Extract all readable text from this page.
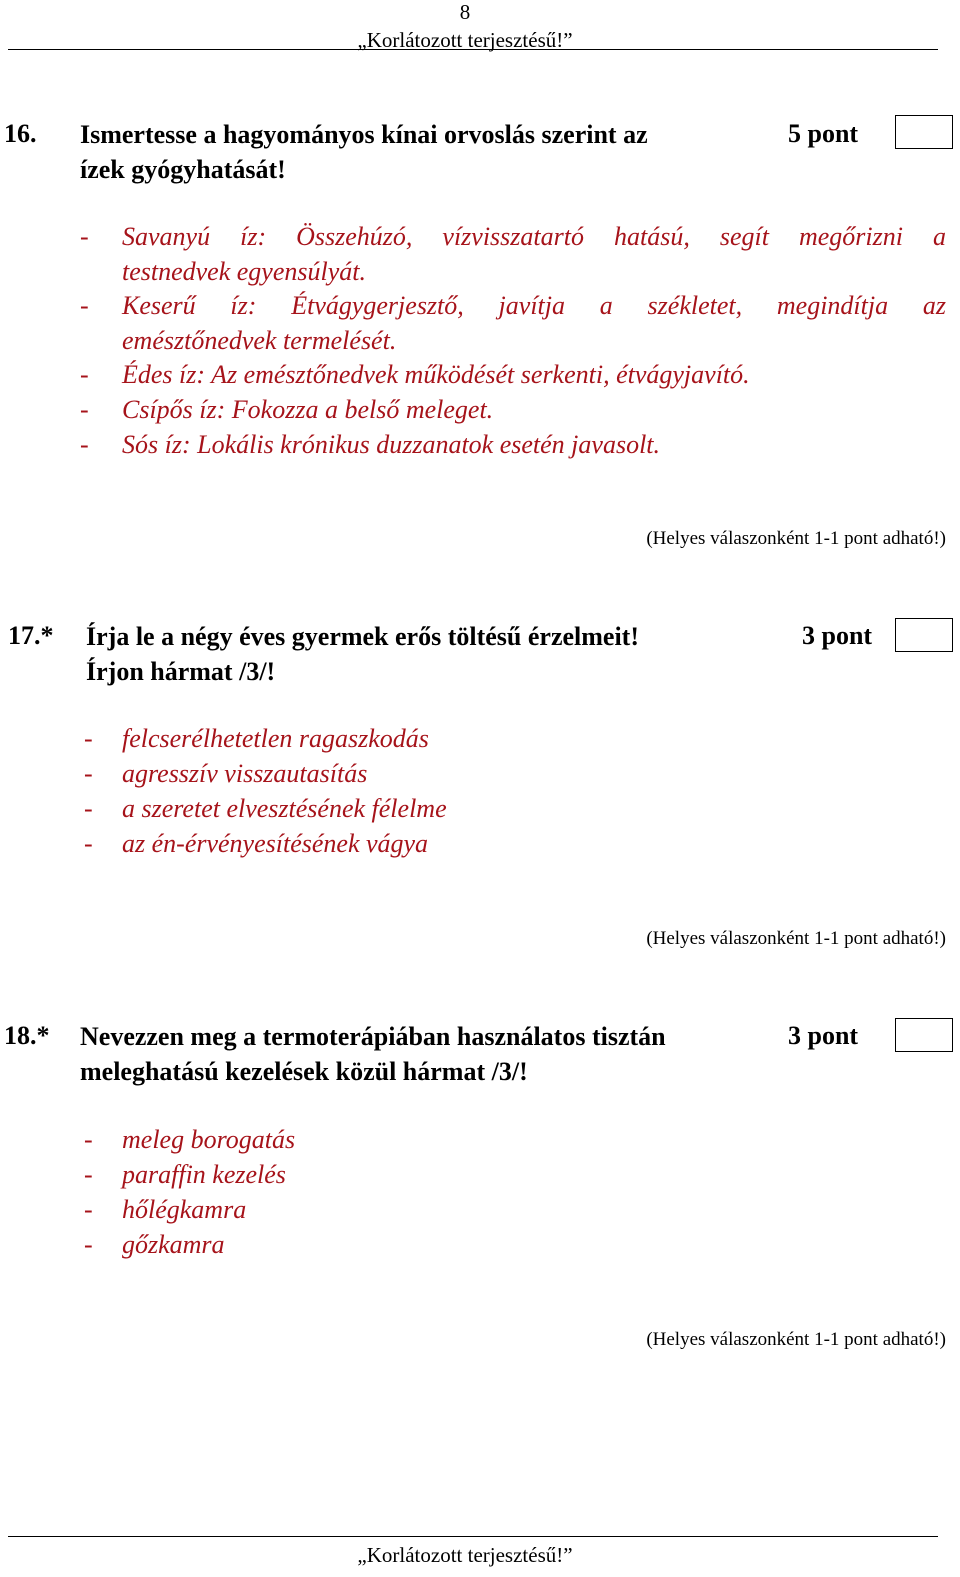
8
„Korlátozott terjesztésű!”
16. Ismertesse a hagyományos kínai orvoslás szerint az
ízek gyógyhatását!
5 pont
- Savanyú íz: Összehúzó, vízvisszatartó hatású, segít megőrizni a
testnedvek egyensúlyát.
- Keserű íz: Étvágygerjesztő, javítja a székletet, megindítja az
emésztőnedvek termelését.
- Édes íz: Az emésztőnedvek működését serkenti, étvágyjavító.
- Csípős íz: Fokozza a belső meleget.
- Sós íz: Lokális krónikus duzzanatok esetén javasolt.
(Helyes válaszonként 1-1 pont adható!)
17.* Írja le a négy éves gyermek erős töltésű érzelmeit!
Írjon hármat /3/!
3 pont
- felcserélhetetlen ragaszkodás
- agresszív visszautasítás
- a szeretet elvesztésének félelme
- az én-érvényesítésének vágya
(Helyes válaszonként 1-1 pont adható!)
18.* Nevezzen meg a termoterápiában használatos tisztán
meleghatású kezelések közül hármat /3/!
3 pont
- meleg borogatás
- paraffin kezelés
- hőlégkamra
- gőzkamra
(Helyes válaszonként 1-1 pont adható!)
„Korlátozott terjesztésű!”
